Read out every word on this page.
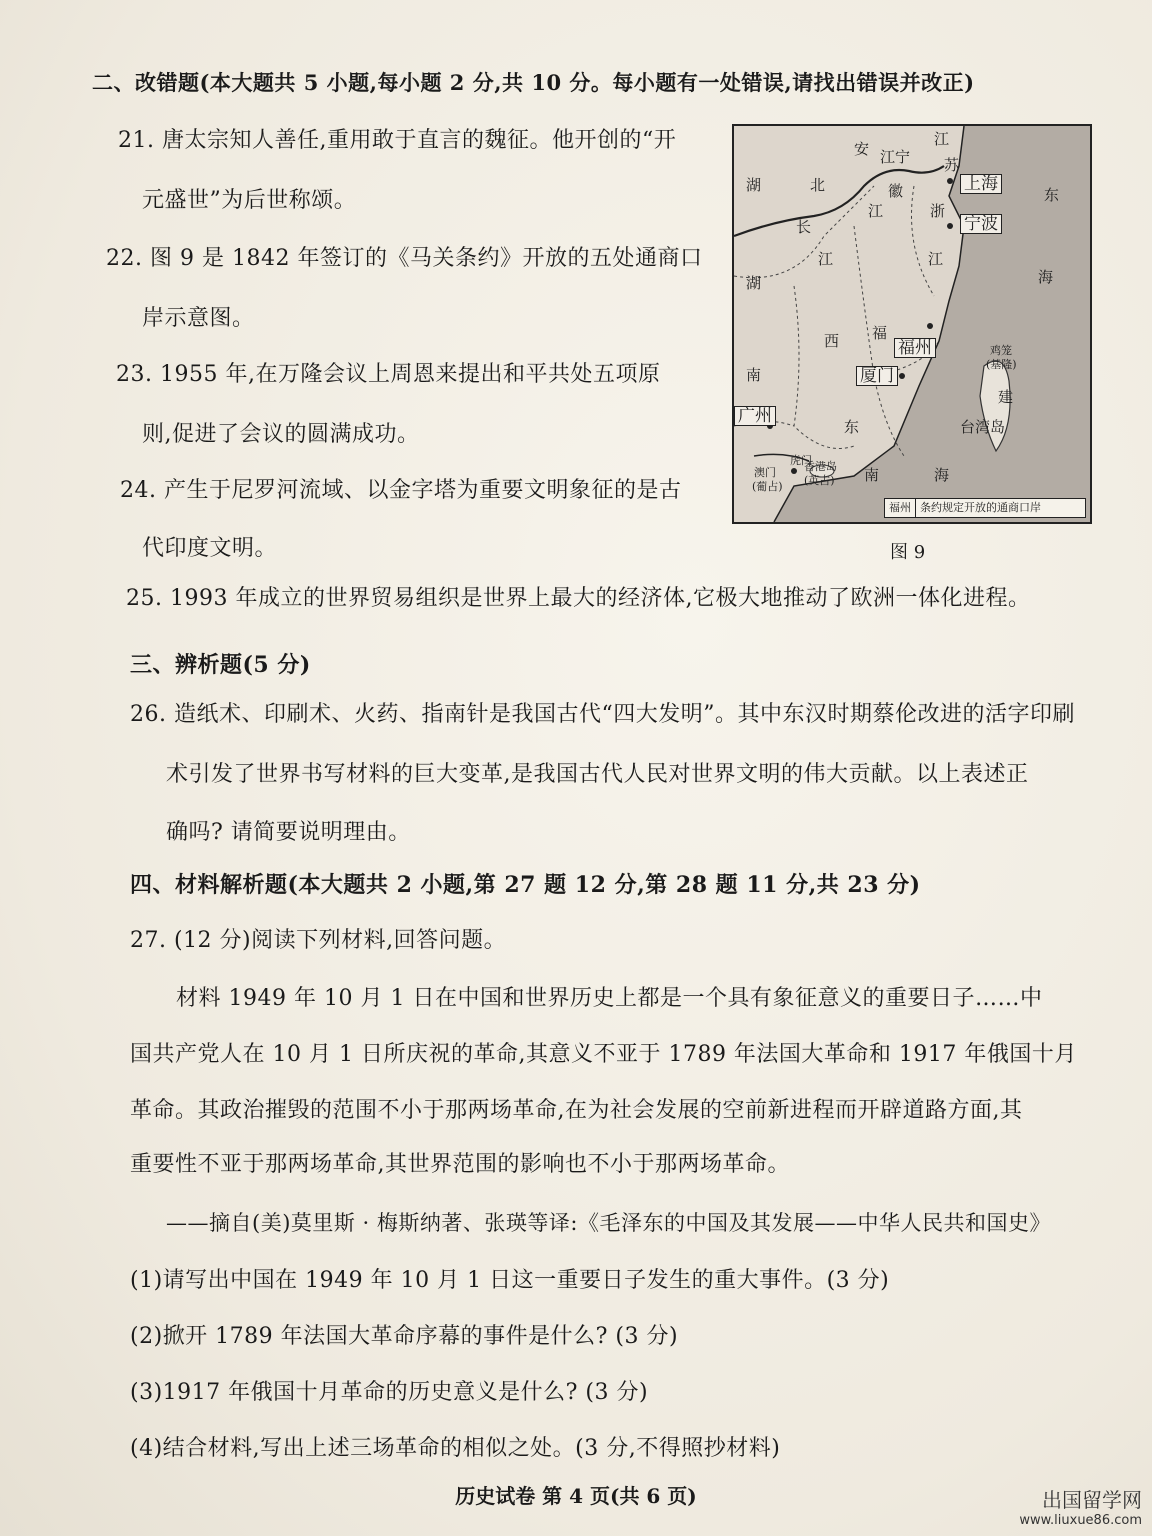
二、改错题(本大题共 5 小题,每小题 2 分,共 10 分。每小题有一处错误,请找出错误并改正)
21. 唐太宗知人善任,重用敢于直言的魏征。他开创的“开
元盛世”为后世称颂。
22. 图 9 是 1842 年签订的《马关条约》开放的五处通商口
岸示意图。
23. 1955 年,在万隆会议上周恩来提出和平共处五项原
则,促进了会议的圆满成功。
24. 产生于尼罗河流域、以金字塔为重要文明象征的是古
代印度文明。
安 江宁
江
苏
湖	北
长
江
徽
浙
江
东
海
湖
江
西 福
南
东
虎门
澳门
(葡占)
香港岛
(英占) 南	海
鸡笼
(基隆)
建
台湾岛
上海
宁波
福州
厦门
广州
福州 条约规定开放的通商口岸
图 9
25. 1993 年成立的世界贸易组织是世界上最大的经济体,它极大地推动了欧洲一体化进程。
三、辨析题(5 分)
26. 造纸术、印刷术、火药、指南针是我国古代“四大发明”。其中东汉时期蔡伦改进的活字印刷
术引发了世界书写材料的巨大变革,是我国古代人民对世界文明的伟大贡献。以上表述正
确吗? 请简要说明理由。
四、材料解析题(本大题共 2 小题,第 27 题 12 分,第 28 题 11 分,共 23 分)
27. (12 分)阅读下列材料,回答问题。
材料 1949 年 10 月 1 日在中国和世界历史上都是一个具有象征意义的重要日子……中
国共产党人在 10 月 1 日所庆祝的革命,其意义不亚于 1789 年法国大革命和 1917 年俄国十月
革命。其政治摧毁的范围不小于那两场革命,在为社会发展的空前新进程而开辟道路方面,其
重要性不亚于那两场革命,其世界范围的影响也不小于那两场革命。
——摘自(美)莫里斯 · 梅斯纳著、张瑛等译:《毛泽东的中国及其发展——中华人民共和国史》
(1)请写出中国在 1949 年 10 月 1 日这一重要日子发生的重大事件。(3 分)
(2)掀开 1789 年法国大革命序幕的事件是什么? (3 分)
(3)1917 年俄国十月革命的历史意义是什么? (3 分)
(4)结合材料,写出上述三场革命的相似之处。(3 分,不得照抄材料)
历史试卷 第 4 页(共 6 页)	出国留学网
www.liuxue86.com
